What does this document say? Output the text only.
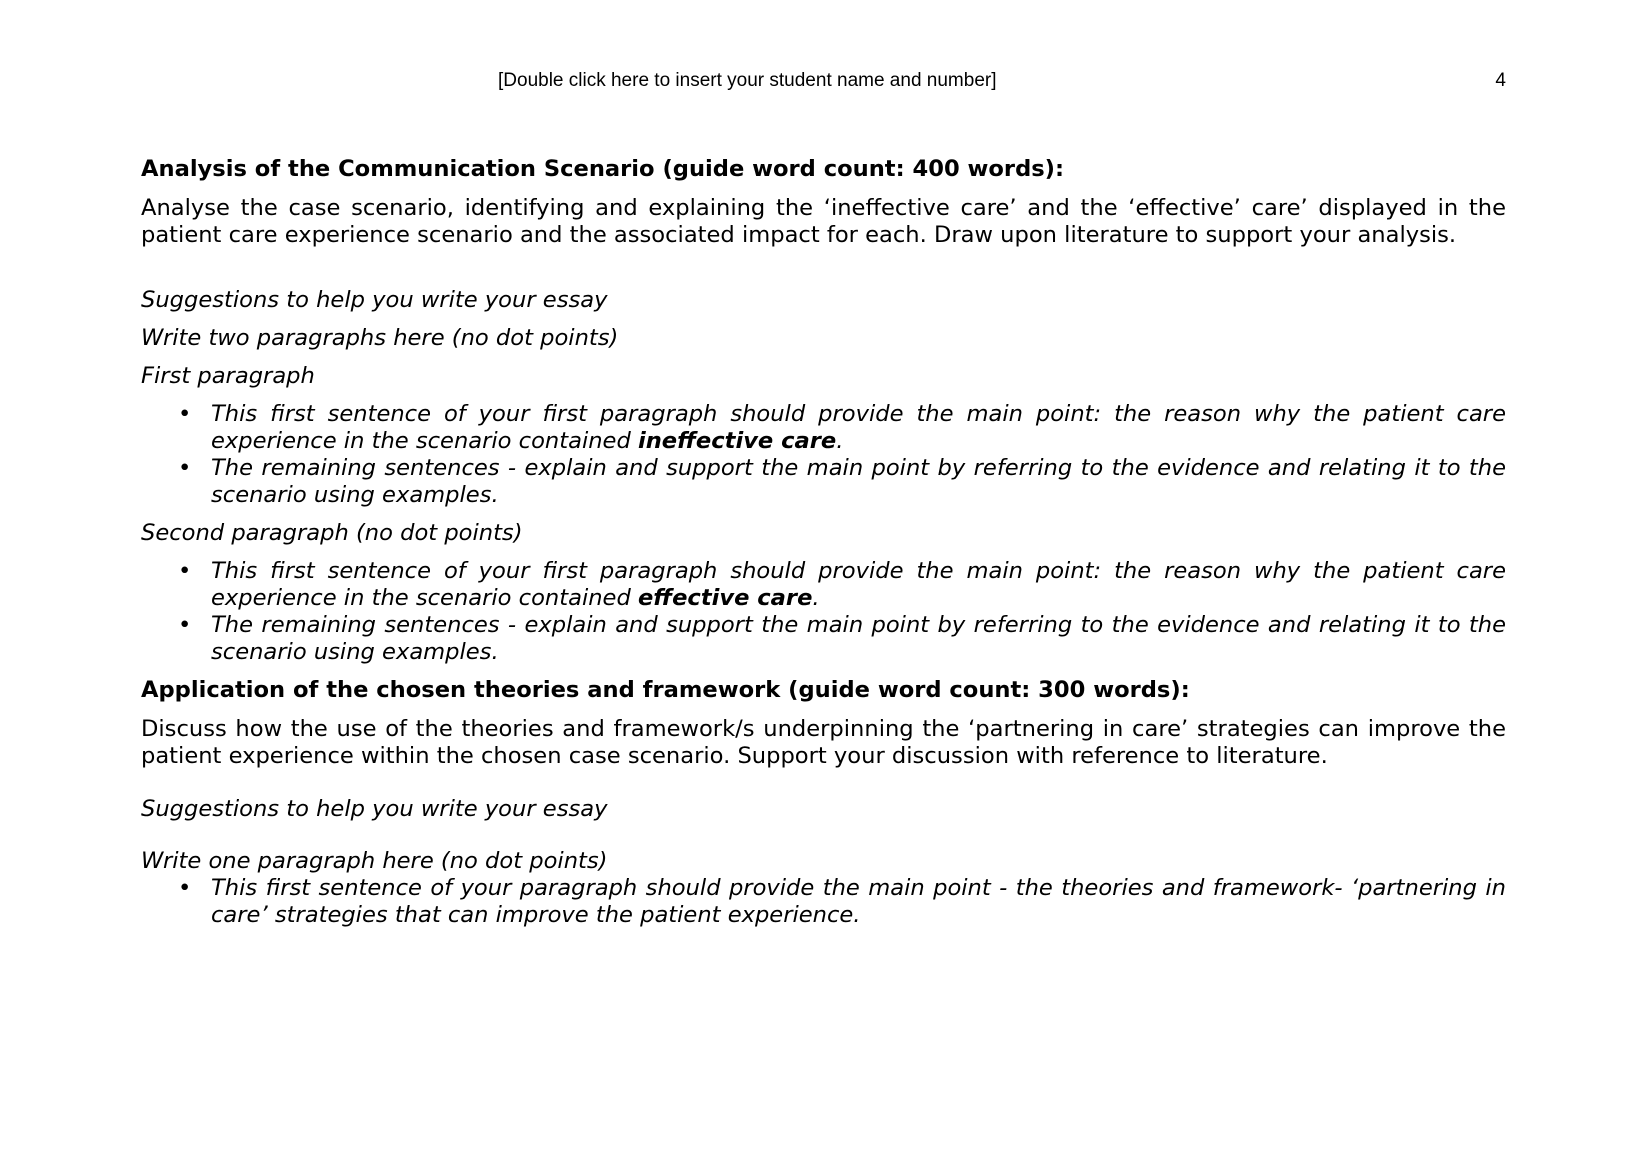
[Double click here to insert your student name and number]	4

Analysis of the Communication Scenario (guide word count: 400 words):

Analyse the case scenario, identifying and explaining the ‘ineffective care’ and the ‘effective’ care’ displayed in the patient care experience scenario and the associated impact for each. Draw upon literature to support your analysis.

Suggestions to help you write your essay

Write two paragraphs here (no dot points)

First paragraph

• This first sentence of your first paragraph should provide the main point: the reason why the patient care experience in the scenario contained ineffective care.
• The remaining sentences - explain and support the main point by referring to the evidence and relating it to the scenario using examples.

Second paragraph (no dot points)

• This first sentence of your first paragraph should provide the main point: the reason why the patient care experience in the scenario contained effective care.
• The remaining sentences - explain and support the main point by referring to the evidence and relating it to the scenario using examples.

Application of the chosen theories and framework (guide word count: 300 words):

Discuss how the use of the theories and framework/s underpinning the ‘partnering in care’ strategies can improve the patient experience within the chosen case scenario. Support your discussion with reference to literature.

Suggestions to help you write your essay

Write one paragraph here (no dot points)

• This first sentence of your paragraph should provide the main point - the theories and framework- ‘partnering in care’ strategies that can improve the patient experience.
